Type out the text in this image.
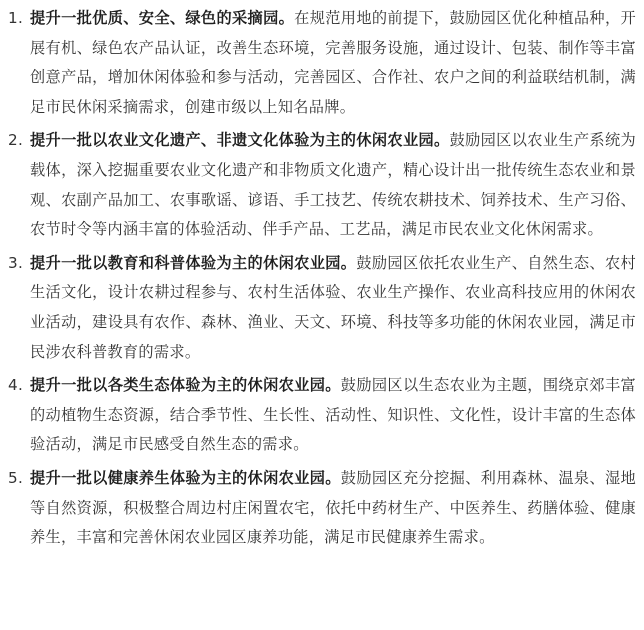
1. 提升一批优质、安全、绿色的采摘园。在规范用地的前提下，鼓励园区优化种植品种，开展有机、绿色农产品认证，改善生态环境，完善服务设施，通过设计、包装、制作等丰富创意产品，增加休闲体验和参与活动，完善园区、合作社、农户之间的利益联结机制，满足市民休闲采摘需求，创建市级以上知名品牌。
2. 提升一批以农业文化遗产、非遗文化体验为主的休闲农业园。鼓励园区以农业生产系统为载体，深入挖掘重要农业文化遗产和非物质文化遗产，精心设计出一批传统生态农业和景观、农副产品加工、农事歌谣、谚语、手工技艺、传统农耕技术、饲养技术、生产习俗、农节时令等内涵丰富的体验活动、伴手产品、工艺品，满足市民农业文化休闲需求。
3. 提升一批以教育和科普体验为主的休闲农业园。鼓励园区依托农业生产、自然生态、农村生活文化，设计农耕过程参与、农村生活体验、农业生产操作、农业高科技应用的休闲农业活动，建设具有农作、森林、渔业、天文、环境、科技等多功能的休闲农业园，满足市民涉农科普教育的需求。
4. 提升一批以各类生态体验为主的休闲农业园。鼓励园区以生态农业为主题，围绕京郊丰富的动植物生态资源，结合季节性、生长性、活动性、知识性、文化性，设计丰富的生态体验活动，满足市民感受自然生态的需求。
5. 提升一批以健康养生体验为主的休闲农业园。鼓励园区充分挖掘、利用森林、温泉、湿地等自然资源，积极整合周边村庄闲置农宅，依托中药材生产、中医养生、药膳体验、健康养生，丰富和完善休闲农业园区康养功能，满足市民健康养生需求。
